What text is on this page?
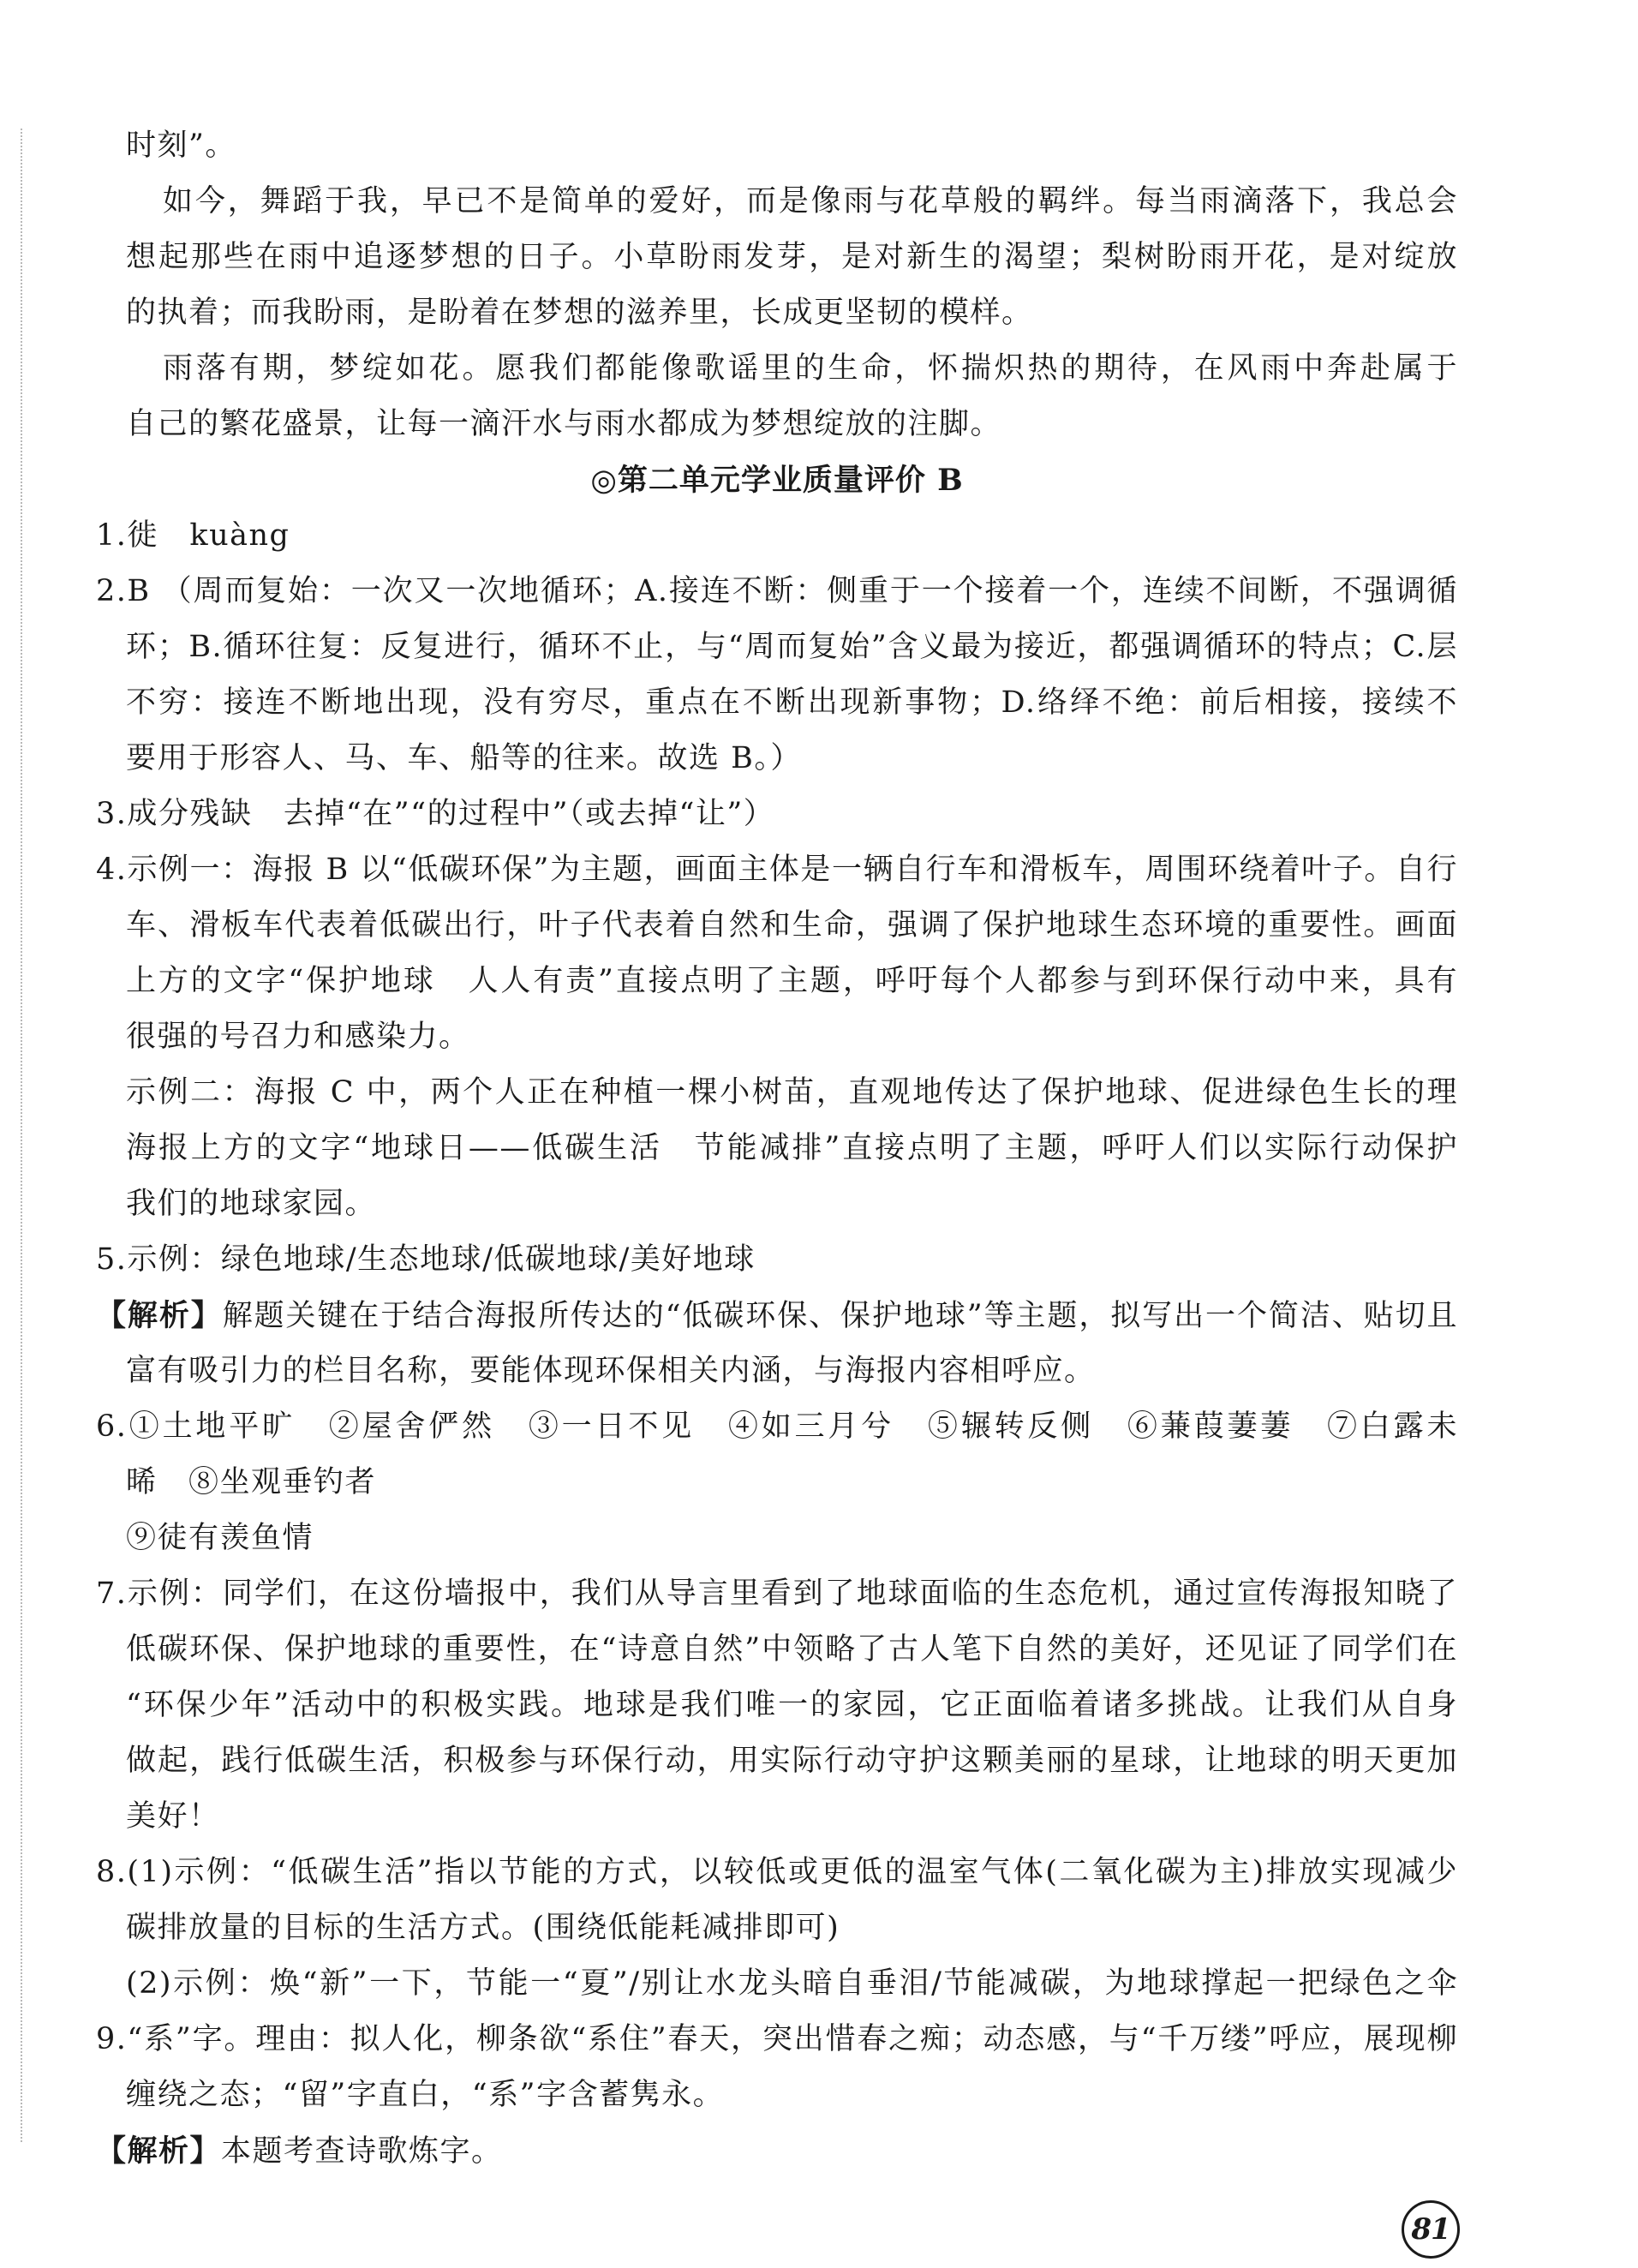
时刻”。
如今，舞蹈于我，早已不是简单的爱好，而是像雨与花草般的羁绊。每当雨滴落下，我总会
想起那些在雨中追逐梦想的日子。小草盼雨发芽，是对新生的渴望；梨树盼雨开花，是对绽放
的执着；而我盼雨，是盼着在梦想的滋养里，长成更坚韧的模样。
雨落有期，梦绽如花。愿我们都能像歌谣里的生命，怀揣炽热的期待，在风雨中奔赴属于
自己的繁花盛景，让每一滴汗水与雨水都成为梦想绽放的注脚。
◎第二单元学业质量评价 B
1.徙　kuàng
2.B （周而复始：一次又一次地循环；A.接连不断：侧重于一个接着一个，连续不间断，不强调循
环；B.循环往复：反复进行，循环不止，与“周而复始”含义最为接近，都强调循环的特点；C.层
不穷：接连不断地出现，没有穷尽，重点在不断出现新事物；D.络绎不绝：前后相接，接续不
要用于形容人、马、车、船等的往来。故选 B。）
3.成分残缺　去掉“在”“的过程中”（或去掉“让”）
4.示例一：海报 B 以“低碳环保”为主题，画面主体是一辆自行车和滑板车，周围环绕着叶子。自行
车、滑板车代表着低碳出行，叶子代表着自然和生命，强调了保护地球生态环境的重要性。画面
上方的文字“保护地球　人人有责”直接点明了主题，呼吁每个人都参与到环保行动中来，具有
很强的号召力和感染力。
示例二：海报 C 中，两个人正在种植一棵小树苗，直观地传达了保护地球、促进绿色生长的理
海报上方的文字“地球日——低碳生活　节能减排”直接点明了主题，呼吁人们以实际行动保护
我们的地球家园。
5.示例：绿色地球/生态地球/低碳地球/美好地球
【解析】解题关键在于结合海报所传达的“低碳环保、保护地球”等主题，拟写出一个简洁、贴切且
富有吸引力的栏目名称，要能体现环保相关内涵，与海报内容相呼应。
6.①土地平旷　②屋舍俨然　③一日不见　④如三月兮　⑤辗转反侧　⑥蒹葭萋萋　⑦白露未
晞　⑧坐观垂钓者
⑨徒有羡鱼情
7.示例：同学们，在这份墙报中，我们从导言里看到了地球面临的生态危机，通过宣传海报知晓了
低碳环保、保护地球的重要性，在“诗意自然”中领略了古人笔下自然的美好，还见证了同学们在
“环保少年”活动中的积极实践。地球是我们唯一的家园，它正面临着诸多挑战。让我们从自身
做起，践行低碳生活，积极参与环保行动，用实际行动守护这颗美丽的星球，让地球的明天更加
美好！
8.(1)示例：“低碳生活”指以节能的方式，以较低或更低的温室气体(二氧化碳为主)排放实现减少
碳排放量的目标的生活方式。(围绕低能耗减排即可)
(2)示例：焕“新”一下，节能一“夏”/别让水龙头暗自垂泪/节能减碳，为地球撑起一把绿色之伞
9.“系”字。理由：拟人化，柳条欲“系住”春天，突出惜春之痴；动态感，与“千万缕”呼应，展现柳
缠绕之态；“留”字直白，“系”字含蓄隽永。
【解析】本题考查诗歌炼字。
81
